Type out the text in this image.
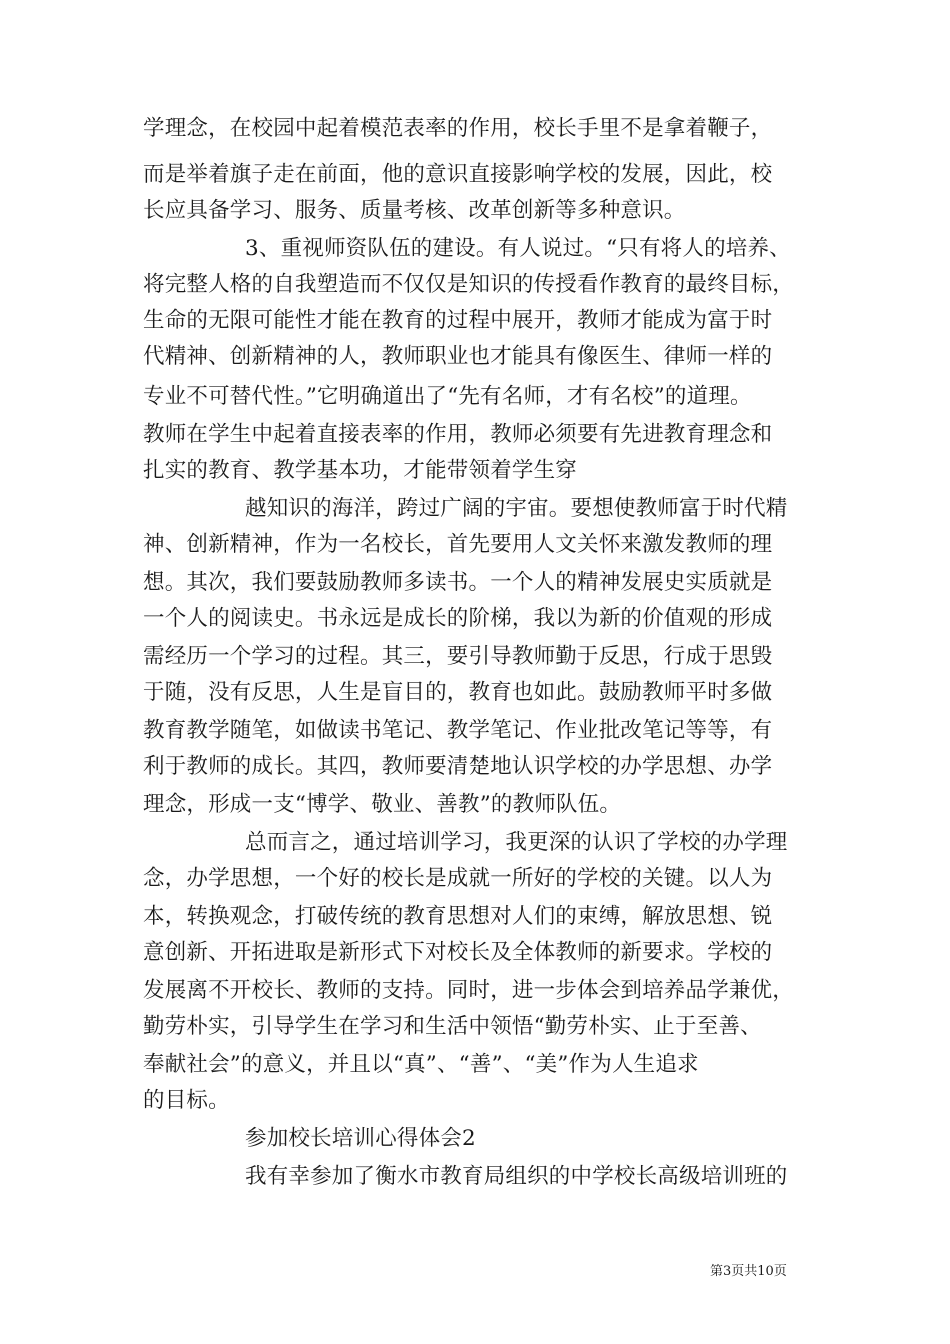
学理念，在校园中起着模范表率的作用，校长手里不是拿着鞭子，
而是举着旗子走在前面，他的意识直接影响学校的发展，因此，校
长应具备学习、服务、质量考核、改革创新等多种意识。
3、重视师资队伍的建设。有人说过。“只有将人的培养、
将完整人格的自我塑造而不仅仅是知识的传授看作教育的最终目标，
生命的无限可能性才能在教育的过程中展开，教师才能成为富于时
代精神、创新精神的人，教师职业也才能具有像医生、律师一样的
专业不可替代性。”它明确道出了“先有名师，才有名校”的道理。
教师在学生中起着直接表率的作用，教师必须要有先进教育理念和
扎实的教育、教学基本功，才能带领着学生穿
越知识的海洋，跨过广阔的宇宙。要想使教师富于时代精
神、创新精神，作为一名校长，首先要用人文关怀来激发教师的理
想。其次，我们要鼓励教师多读书。一个人的精神发展史实质就是
一个人的阅读史。书永远是成长的阶梯，我以为新的价值观的形成
需经历一个学习的过程。其三，要引导教师勤于反思，行成于思毁
于随，没有反思，人生是盲目的，教育也如此。鼓励教师平时多做
教育教学随笔，如做读书笔记、教学笔记、作业批改笔记等等，有
利于教师的成长。其四，教师要清楚地认识学校的办学思想、办学
理念，形成一支“博学、敬业、善教”的教师队伍。
总而言之，通过培训学习，我更深的认识了学校的办学理
念，办学思想，一个好的校长是成就一所好的学校的关键。以人为
本，转换观念，打破传统的教育思想对人们的束缚，解放思想、锐
意创新、开拓进取是新形式下对校长及全体教师的新要求。学校的
发展离不开校长、教师的支持。同时，进一步体会到培养品学兼优，
勤劳朴实，引导学生在学习和生活中领悟“勤劳朴实、止于至善、
奉献社会”的意义，并且以“真”、“善”、“美”作为人生追求
的目标。
参加校长培训心得体会2
我有幸参加了衡水市教育局组织的中学校长高级培训班的
第3页共10页
